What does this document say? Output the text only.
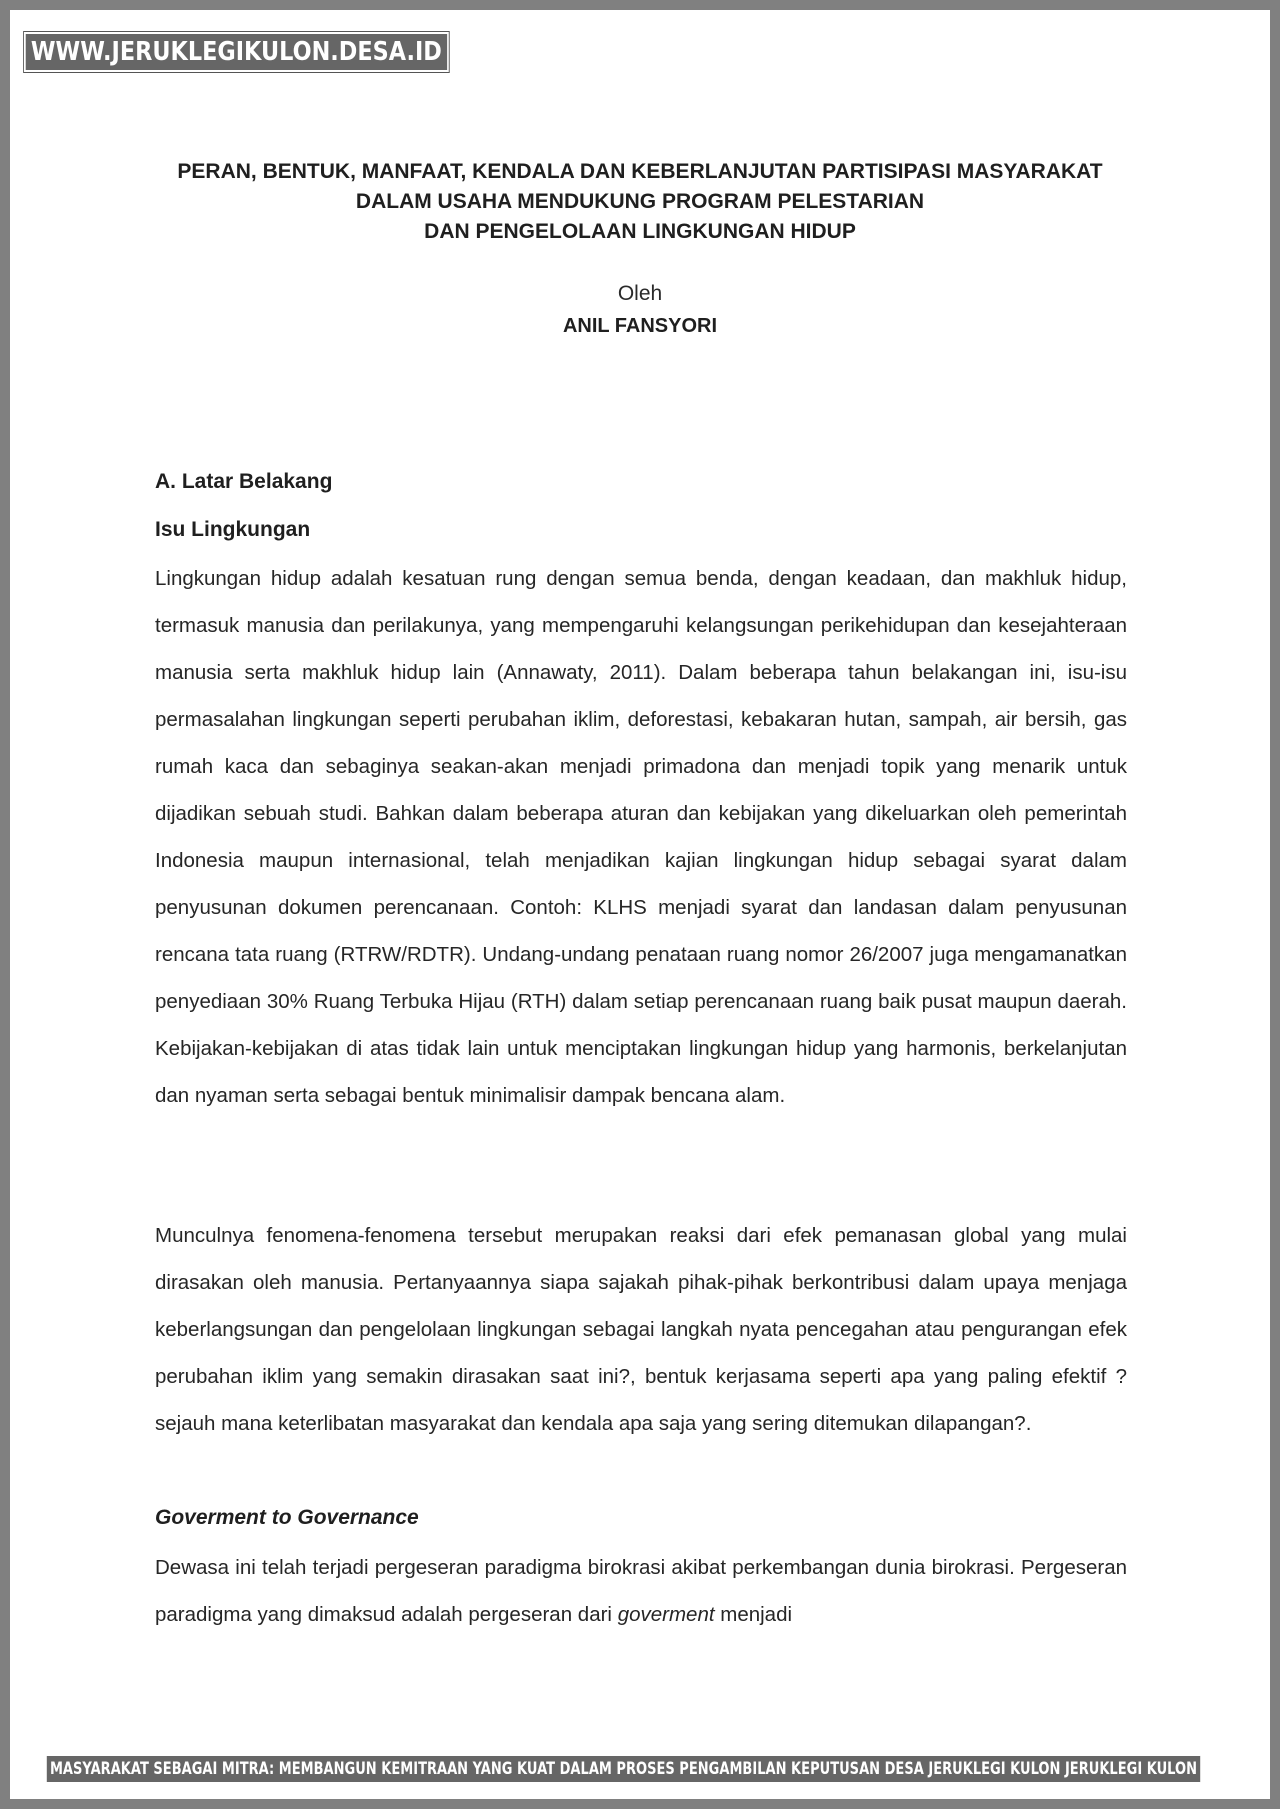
WWW.JERUKLEGIKULON.DESA.ID
PERAN, BENTUK, MANFAAT, KENDALA DAN KEBERLANJUTAN PARTISIPASI MASYARAKAT
DALAM USAHA MENDUKUNG PROGRAM PELESTARIAN
DAN PENGELOLAAN LINGKUNGAN HIDUP
Oleh
ANIL FANSYORI
A. Latar Belakang
Isu Lingkungan

Lingkungan hidup adalah kesatuan rung dengan semua benda, dengan keadaan, dan makhluk hidup, termasuk manusia dan perilakunya, yang mempengaruhi kelangsungan perikehidupan dan kesejahteraan manusia serta makhluk hidup lain (Annawaty, 2011). Dalam beberapa tahun belakangan ini, isu-isu permasalahan lingkungan seperti perubahan iklim, deforestasi, kebakaran hutan, sampah, air bersih, gas rumah kaca dan sebaginya seakan-akan menjadi primadona dan menjadi topik yang menarik untuk dijadikan sebuah studi. Bahkan dalam beberapa aturan dan kebijakan yang dikeluarkan oleh pemerintah Indonesia maupun internasional, telah menjadikan kajian lingkungan hidup sebagai syarat dalam penyusunan dokumen perencanaan. Contoh: KLHS menjadi syarat dan landasan dalam penyusunan rencana tata ruang (RTRW/RDTR). Undang-undang penataan ruang nomor 26/2007 juga mengamanatkan penyediaan 30% Ruang Terbuka Hijau (RTH) dalam setiap perencanaan ruang baik pusat maupun daerah. Kebijakan-kebijakan di atas tidak lain untuk menciptakan lingkungan hidup yang harmonis, berkelanjutan dan nyaman serta sebagai bentuk minimalisir dampak bencana alam.

Munculnya fenomena-fenomena tersebut merupakan reaksi dari efek pemanasan global yang mulai dirasakan oleh manusia. Pertanyaannya siapa sajakah pihak-pihak berkontribusi dalam upaya menjaga keberlangsungan dan pengelolaan lingkungan sebagai langkah nyata pencegahan atau pengurangan efek perubahan iklim yang semakin dirasakan saat ini?, bentuk kerjasama seperti apa yang paling efektif ? sejauh mana keterlibatan masyarakat dan kendala apa saja yang sering ditemukan dilapangan?.

Goverment to Governance

Dewasa ini telah terjadi pergeseran paradigma birokrasi akibat perkembangan dunia birokrasi. Pergeseran paradigma yang dimaksud adalah pergeseran dari goverment menjadi

MASYARAKAT SEBAGAI MITRA: MEMBANGUN KEMITRAAN YANG KUAT DALAM PROSES PENGAMBILAN KEPUTUSAN DESA JERUKLEGI KULON JERUKLEGI KULON
